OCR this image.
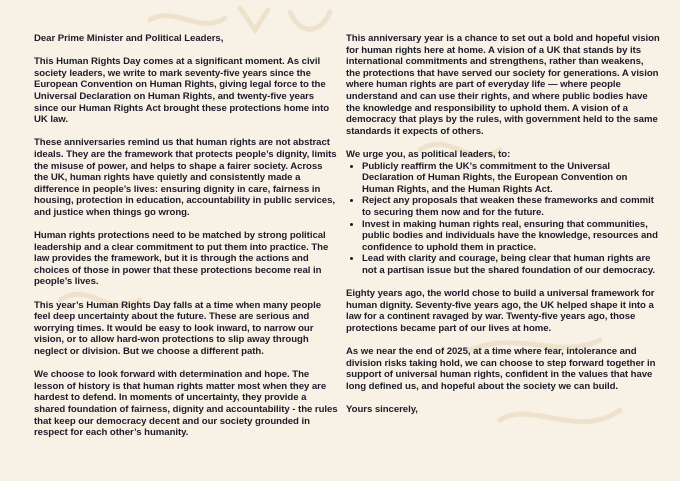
Dear Prime Minister and Political Leaders,

This Human Rights Day comes at a significant moment. As civil society leaders, we write to mark seventy-five years since the European Convention on Human Rights, giving legal force to the Universal Declaration on Human Rights, and twenty-five years since our Human Rights Act brought these protections home into UK law.

These anniversaries remind us that human rights are not abstract ideals. They are the framework that protects people’s dignity, limits the misuse of power, and helps to shape a fairer society. Across the UK, human rights have quietly and consistently made a difference in people’s lives: ensuring dignity in care, fairness in housing, protection in education, accountability in public services, and justice when things go wrong.

Human rights protections need to be matched by strong political leadership and a clear commitment to put them into practice. The law provides the framework, but it is through the actions and choices of those in power that these protections become real in people’s lives.

This year’s Human Rights Day falls at a time when many people feel deep uncertainty about the future. These are serious and worrying times. It would be easy to look inward, to narrow our vision, or to allow hard-won protections to slip away through neglect or division. But we choose a different path.

We choose to look forward with determination and hope. The lesson of history is that human rights matter most when they are hardest to defend. In moments of uncertainty, they provide a shared foundation of fairness, dignity and accountability - the rules that keep our democracy decent and our society grounded in respect for each other’s humanity.

This anniversary year is a chance to set out a bold and hopeful vision for human rights here at home. A vision of a UK that stands by its international commitments and strengthens, rather than weakens, the protections that have served our society for generations. A vision where human rights are part of everyday life — where people understand and can use their rights, and where public bodies have the knowledge and responsibility to uphold them. A vision of a democracy that plays by the rules, with government held to the same standards it expects of others.

We urge you, as political leaders, to:

• Publicly reaffirm the UK’s commitment to the Universal Declaration of Human Rights, the European Convention on Human Rights, and the Human Rights Act.
• Reject any proposals that weaken these frameworks and commit to securing them now and for the future.
• Invest in making human rights real, ensuring that communities, public bodies and individuals have the knowledge, resources and confidence to uphold them in practice.
• Lead with clarity and courage, being clear that human rights are not a partisan issue but the shared foundation of our democracy.

Eighty years ago, the world chose to build a universal framework for human dignity. Seventy-five years ago, the UK helped shape it into a law for a continent ravaged by war. Twenty-five years ago, those protections became part of our lives at home.

As we near the end of 2025, at a time where fear, intolerance and division risks taking hold, we can choose to step forward together in support of universal human rights, confident in the values that have long defined us, and hopeful about the society we can build.

Yours sincerely,
